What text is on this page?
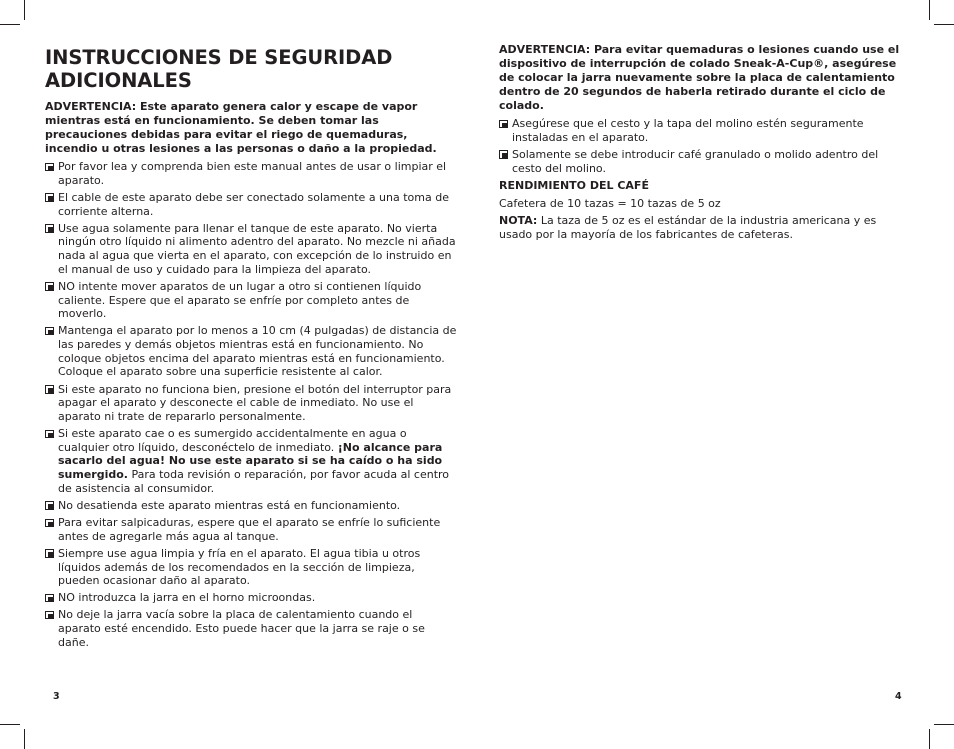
INSTRUCCIONES DE SEGURIDAD
ADICIONALES
ADVERTENCIA: Este aparato genera calor y escape de vapor mientras está en funcionamiento. Se deben tomar las precauciones debidas para evitar el riego de quemaduras, incendio u otras lesiones a las personas o daño a la propiedad.
Por favor lea y comprenda bien este manual antes de usar o limpiar el aparato.
El cable de este aparato debe ser conectado solamente a una toma de corriente alterna.
Use agua solamente para llenar el tanque de este aparato. No vierta ningún otro líquido ni alimento adentro del aparato. No mezcle ni añada nada al agua que vierta en el aparato, con excepción de lo instruido en el manual de uso y cuidado para la limpieza del aparato.
NO intente mover aparatos de un lugar a otro si contienen líquido caliente. Espere que el aparato se enfríe por completo antes de moverlo.
Mantenga el aparato por lo menos a 10 cm (4 pulgadas) de distancia de las paredes y demás objetos mientras está en funcionamiento. No coloque objetos encima del aparato mientras está en funcionamiento. Coloque el aparato sobre una superficie resistente al calor.
Si este aparato no funciona bien, presione el botón del interruptor para apagar el aparato y desconecte el cable de inmediato. No use el aparato ni trate de repararlo personalmente.
Si este aparato cae o es sumergido accidentalmente en agua o cualquier otro líquido, desconéctelo de inmediato. ¡No alcance para sacarlo del agua! No use este aparato si se ha caído o ha sido sumergido. Para toda revisión o reparación, por favor acuda al centro de asistencia al consumidor.
No desatienda este aparato mientras está en funcionamiento.
Para evitar salpicaduras, espere que el aparato se enfríe lo suficiente antes de agregarle más agua al tanque.
Siempre use agua limpia y fría en el aparato. El agua tibia u otros líquidos además de los recomendados en la sección de limpieza, pueden ocasionar daño al aparato.
NO introduzca la jarra en el horno microondas.
No deje la jarra vacía sobre la placa de calentamiento cuando el aparato esté encendido. Esto puede hacer que la jarra se raje o se dañe.
ADVERTENCIA: Para evitar quemaduras o lesiones cuando use el dispositivo de interrupción de colado Sneak-A-Cup®, asegúrese de colocar la jarra nuevamente sobre la placa de calentamiento dentro de 20 segundos de haberla retirado durante el ciclo de colado.
Asegúrese que el cesto y la tapa del molino estén seguramente instaladas en el aparato.
Solamente se debe introducir café granulado o molido adentro del cesto del molino.
RENDIMIENTO DEL CAFÉ
Cafetera de 10 tazas = 10 tazas de 5 oz
NOTA: La taza de 5 oz es el estándar de la industria americana y es usado por la mayoría de los fabricantes de cafeteras.
3	4
